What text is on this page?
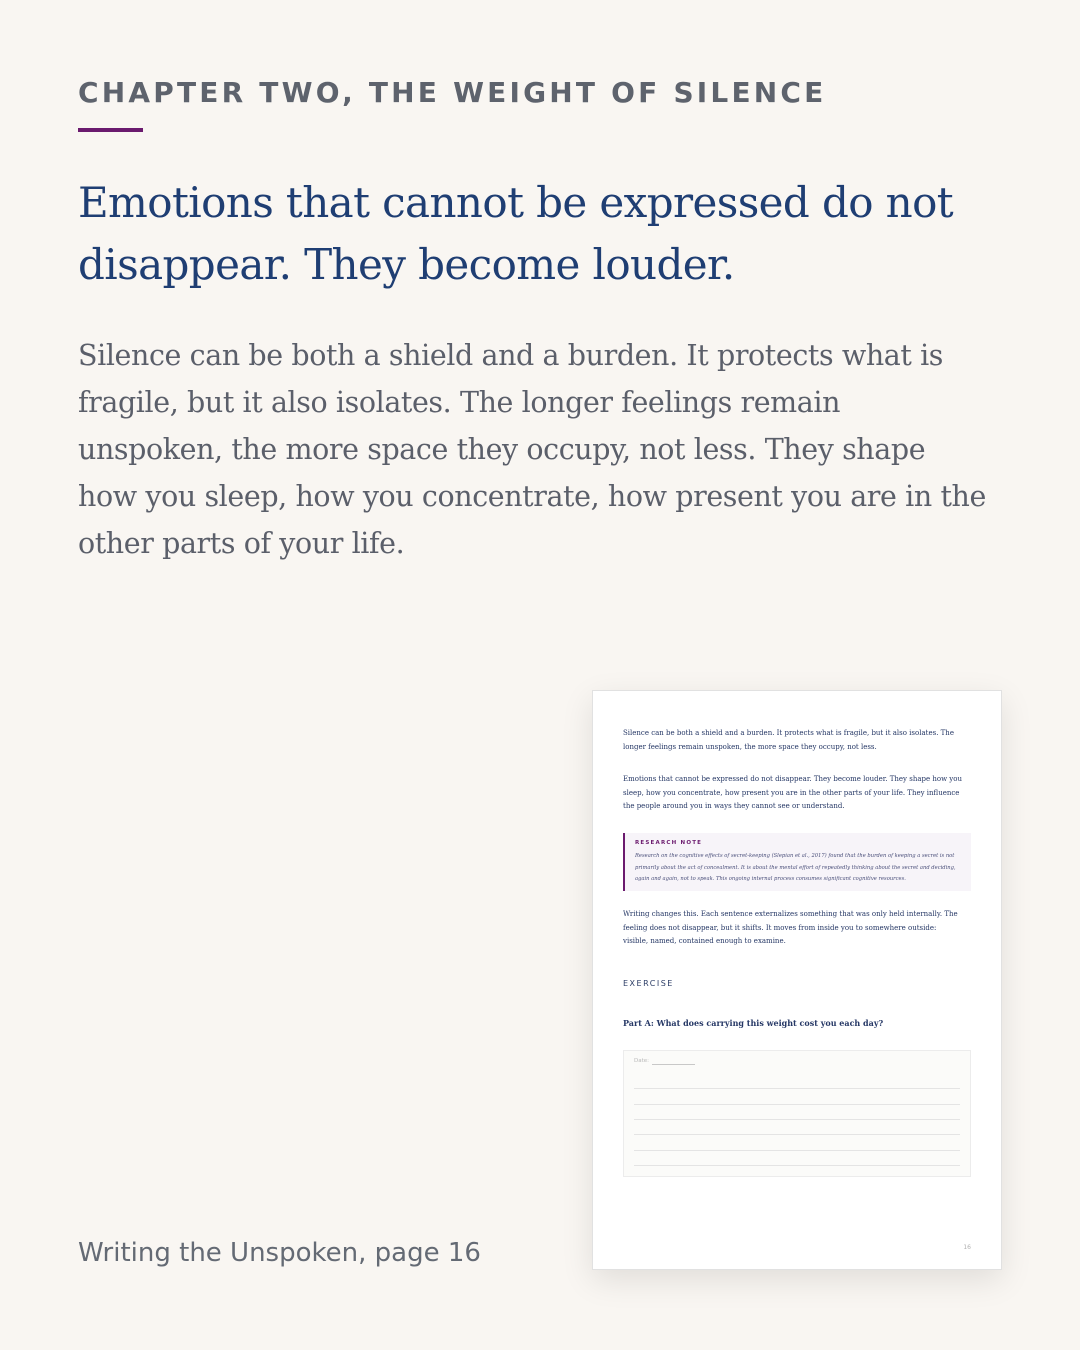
CHAPTER TWO, THE WEIGHT OF SILENCE
Emotions that cannot be expressed do not disappear. They become louder.

Silence can be both a shield and a burden. It protects what is fragile, but it also isolates. The longer feelings remain unspoken, the more space they occupy, not less. They shape how you sleep, how you concentrate, how present you are in the other parts of your life.

Writing the Unspoken, page 16

Silence can be both a shield and a burden. It protects what is fragile, but it also isolates. The longer feelings remain unspoken, the more space they occupy, not less.

Emotions that cannot be expressed do not disappear. They become louder. They shape how you sleep, how you concentrate, how present you are in the other parts of your life. They influence the people around you in ways they cannot see or understand.

RESEARCH NOTE

Research on the cognitive effects of secret-keeping (Slepian et al., 2017) found that the burden of keeping a secret is not primarily about the act of concealment. It is about the mental effort of repeatedly thinking about the secret and deciding, again and again, not to speak. This ongoing internal process consumes significant cognitive resources.

Writing changes this. Each sentence externalizes something that was only held internally. The feeling does not disappear, but it shifts. It moves from inside you to somewhere outside: visible, named, contained enough to examine.

EXERCISE
Part A: What does carrying this weight cost you each day?
Date:
16
